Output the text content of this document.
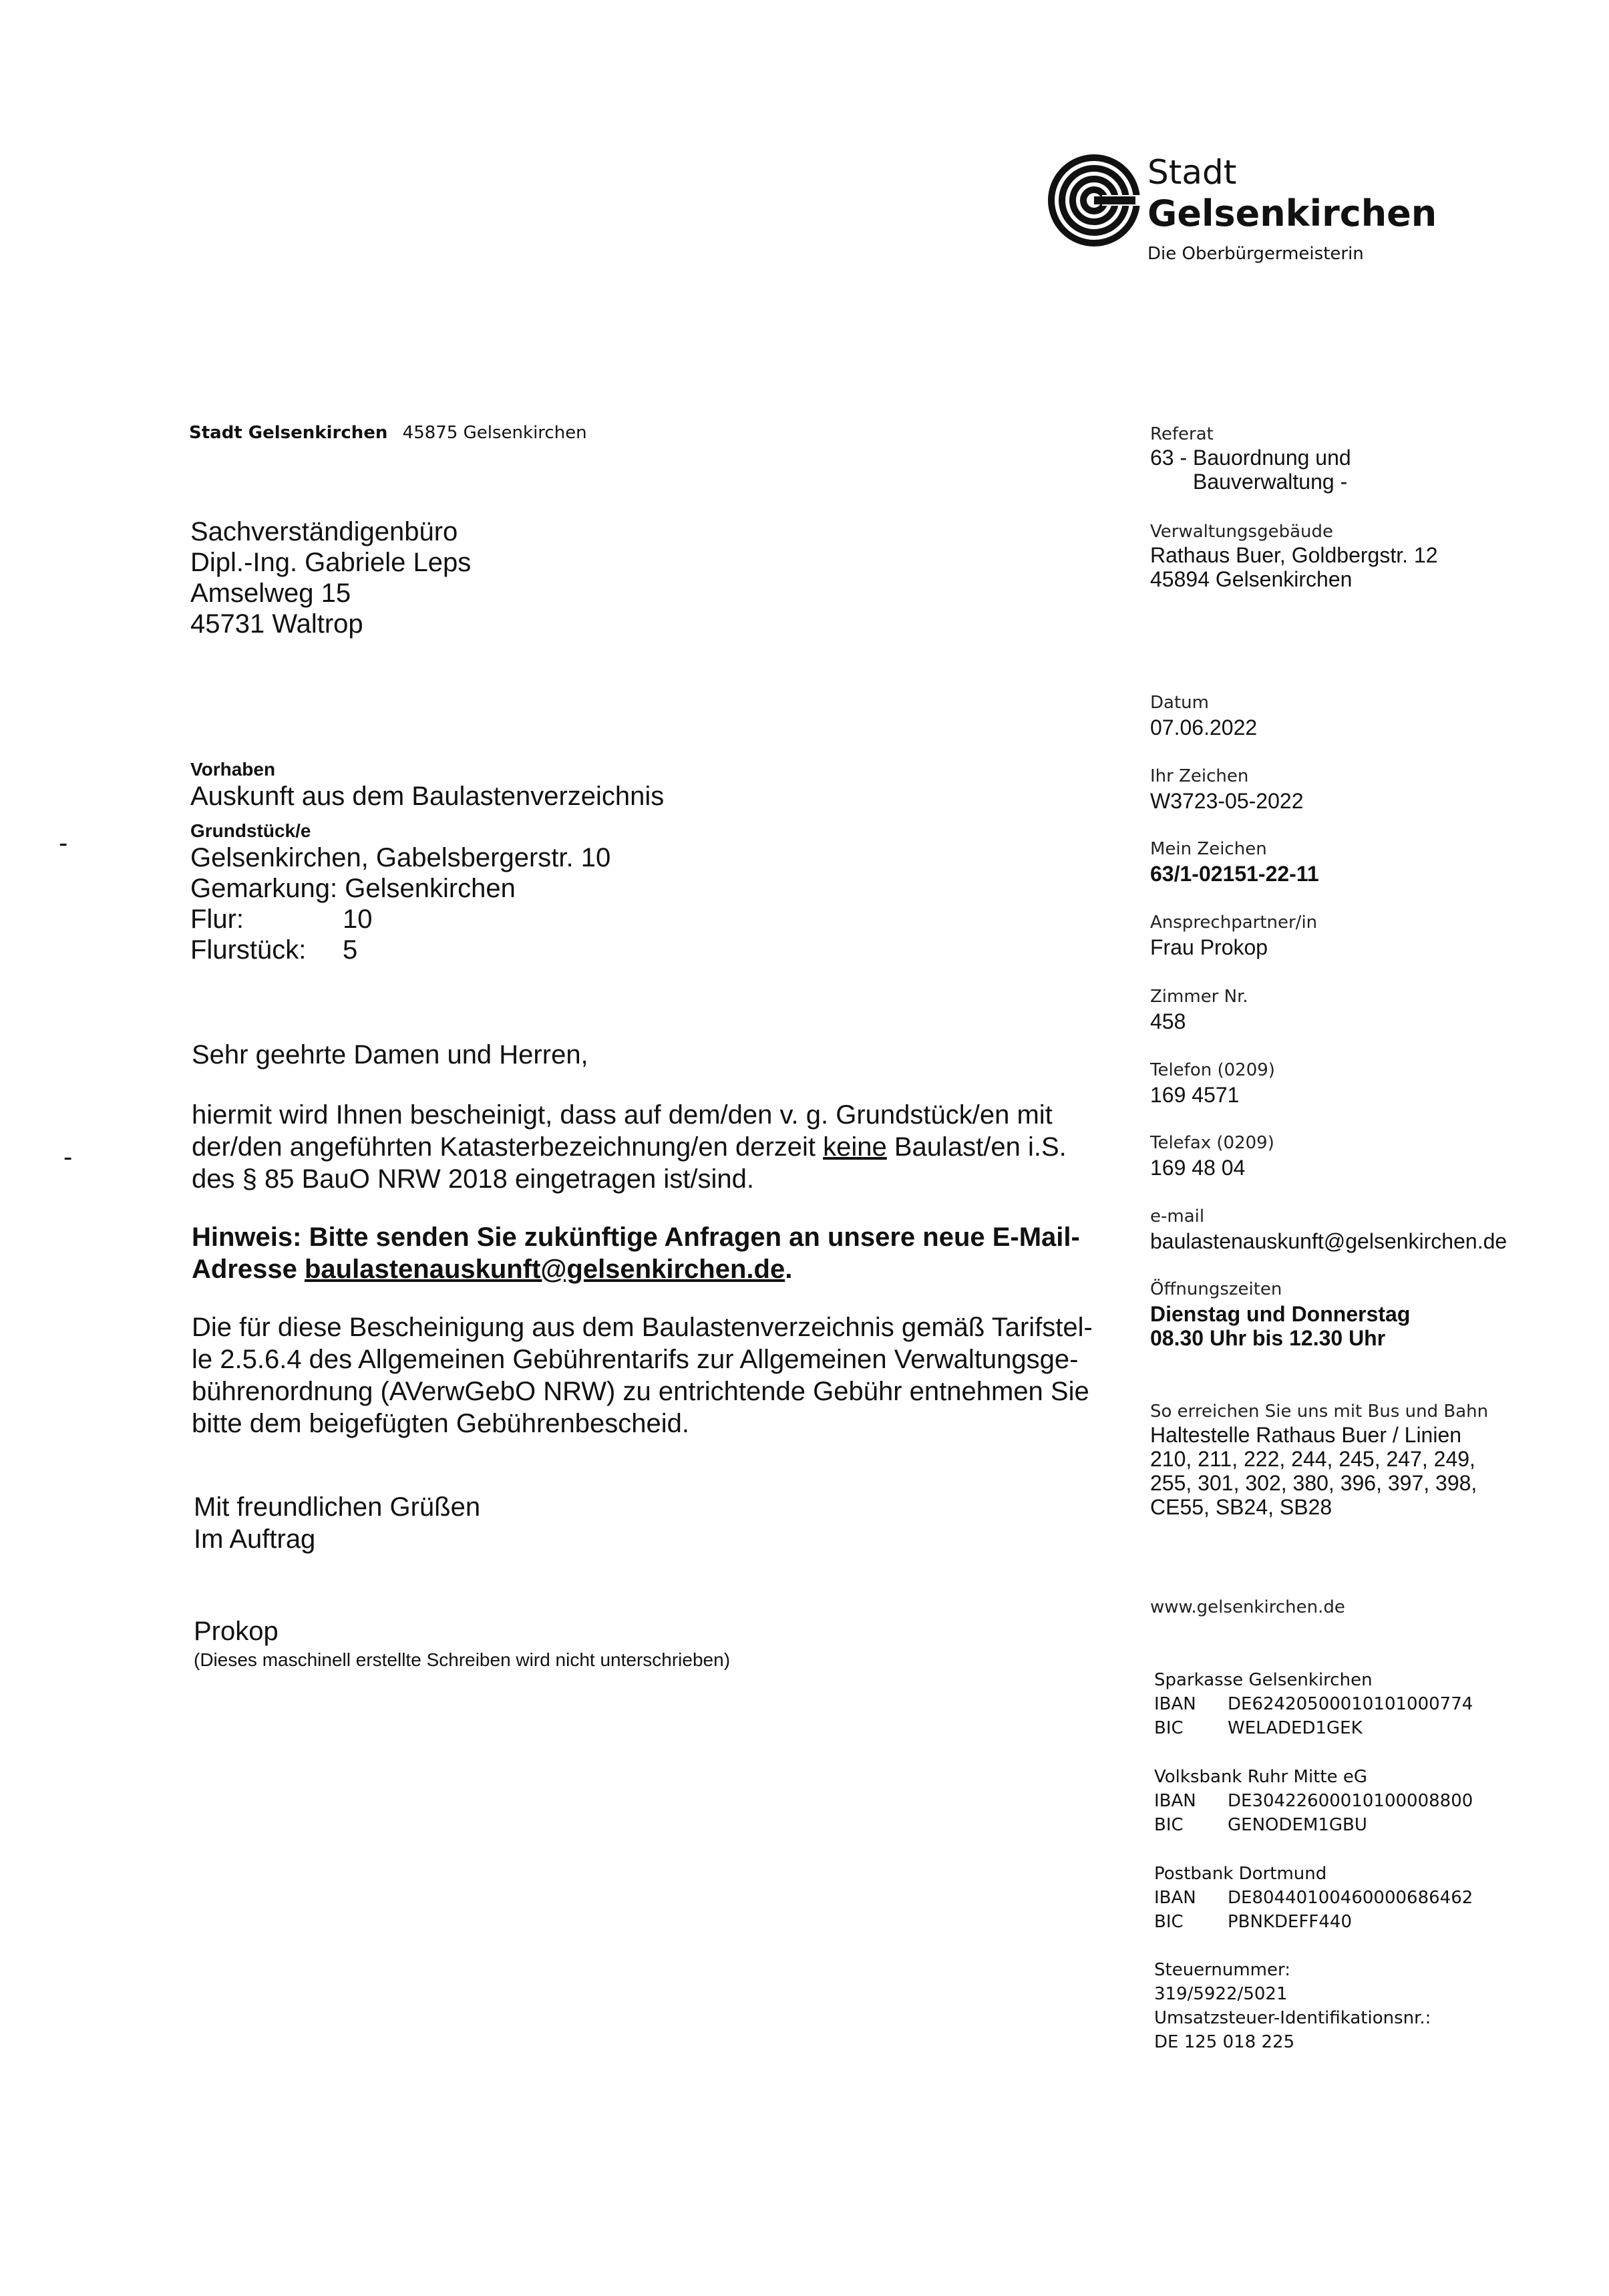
Stadt
Gelsenkirchen
Die Oberbürgermeisterin
Stadt Gelsenkirchen 45875 Gelsenkirchen
Sachverständigenbüro
Dipl.-Ing. Gabriele Leps
Amselweg 15
45731 Waltrop
Vorhaben
Auskunft aus dem Baulastenverzeichnis
Grundstück/e
Gelsenkirchen, Gabelsbergerstr. 10
Gemarkung: Gelsenkirchen
Flur:	10
Flurstück: 5
-
-
Sehr geehrte Damen und Herren,
hiermit wird Ihnen bescheinigt, dass auf dem/den v. g. Grundstück/en mit
der/den angeführten Katasterbezeichnung/en derzeit keine Baulast/en i.S.
des § 85 BauO NRW 2018 eingetragen ist/sind.
Hinweis: Bitte senden Sie zukünftige Anfragen an unsere neue E-Mail-
Adresse baulastenauskunft@gelsenkirchen.de.
Die für diese Bescheinigung aus dem Baulastenverzeichnis gemäß Tarifstel-
le 2.5.6.4 des Allgemeinen Gebührentarifs zur Allgemeinen Verwaltungsge-
bührenordnung (AVerwGebO NRW) zu entrichtende Gebühr entnehmen Sie
bitte dem beigefügten Gebührenbescheid.
Mit freundlichen Grüßen
Im Auftrag
Prokop
(Dieses maschinell erstellte Schreiben wird nicht unterschrieben)
Referat
63 - Bauordnung und
Bauverwaltung -
Verwaltungsgebäude
Rathaus Buer, Goldbergstr. 12
45894 Gelsenkirchen
Datum
07.06.2022
Ihr Zeichen
W3723-05-2022
Mein Zeichen
63/1-02151-22-11
Ansprechpartner/in
Frau Prokop
Zimmer Nr.
458
Telefon (0209)
169 4571
Telefax (0209)
169 48 04
e-mail
baulastenauskunft@gelsenkirchen.de
Öffnungszeiten
Dienstag und Donnerstag
08.30 Uhr bis 12.30 Uhr
So erreichen Sie uns mit Bus und Bahn
Haltestelle Rathaus Buer / Linien
210, 211, 222, 244, 245, 247, 249,
255, 301, 302, 380, 396, 397, 398,
CE55, SB24, SB28
www.gelsenkirchen.de
Sparkasse Gelsenkirchen
IBAN DE62420500010101000774
BIC	WELADED1GEK
Volksbank Ruhr Mitte eG
IBAN DE30422600010100008800
BIC	GENODEM1GBU
Postbank Dortmund
IBAN DE80440100460000686462
BIC	PBNKDEFF440
Steuernummer:
319/5922/5021
Umsatzsteuer-Identifikationsnr.:
DE 125 018 225
